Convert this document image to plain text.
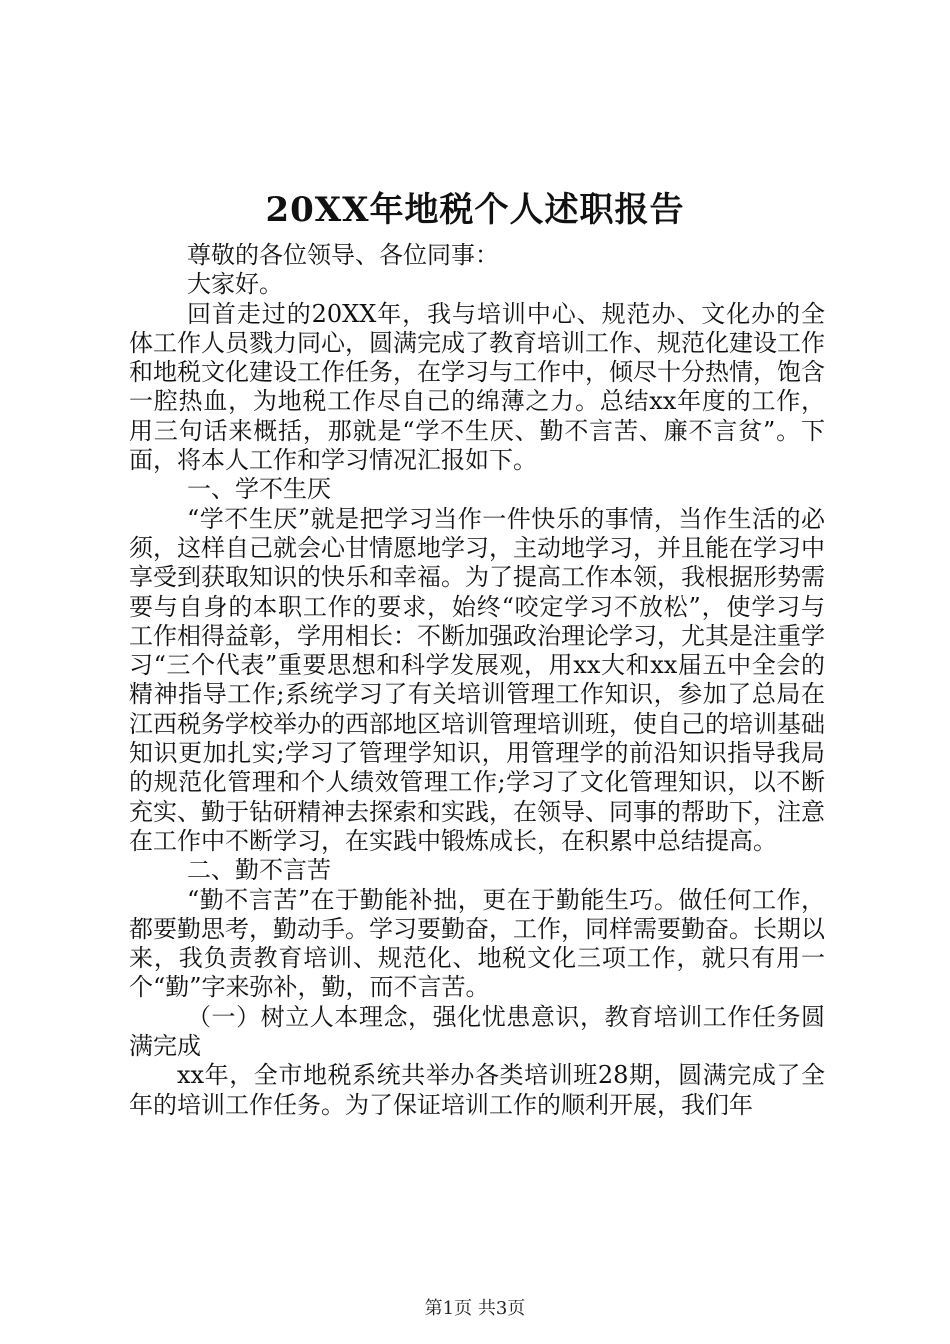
20XX年地税个人述职报告

尊敬的各位领导、各位同事：

大家好。

回首走过的20XX年，我与培训中心、规范办、文化办的全体工作人员戮力同心，圆满完成了教育培训工作、规范化建设工作和地税文化建设工作任务，在学习与工作中，倾尽十分热情，饱含一腔热血，为地税工作尽自己的绵薄之力。总结xx年度的工作，用三句话来概括，那就是“学不生厌、勤不言苦、廉不言贫”。下面，将本人工作和学习情况汇报如下。

一、学不生厌

“学不生厌”就是把学习当作一件快乐的事情，当作生活的必须，这样自己就会心甘情愿地学习，主动地学习，并且能在学习中享受到获取知识的快乐和幸福。为了提高工作本领，我根据形势需要与自身的本职工作的要求，始终“咬定学习不放松”，使学习与工作相得益彰，学用相长：不断加强政治理论学习，尤其是注重学习“三个代表”重要思想和科学发展观，用xx大和xx届五中全会的精神指导工作;系统学习了有关培训管理工作知识，参加了总局在江西税务学校举办的西部地区培训管理培训班，使自己的培训基础知识更加扎实;学习了管理学知识，用管理学的前沿知识指导我局的规范化管理和个人绩效管理工作;学习了文化管理知识，以不断充实、勤于钻研精神去探索和实践，在领导、同事的帮助下，注意在工作中不断学习，在实践中锻炼成长，在积累中总结提高。

二、勤不言苦

“勤不言苦”在于勤能补拙，更在于勤能生巧。做任何工作，都要勤思考，勤动手。学习要勤奋，工作，同样需要勤奋。长期以来，我负责教育培训、规范化、地税文化三项工作，就只有用一个“勤”字来弥补，勤，而不言苦。

（一）树立人本理念，强化忧患意识，教育培训工作任务圆满完成

xx年，全市地税系统共举办各类培训班28期，圆满完成了全年的培训工作任务。为了保证培训工作的顺利开展，我们年

第1页 共3页
